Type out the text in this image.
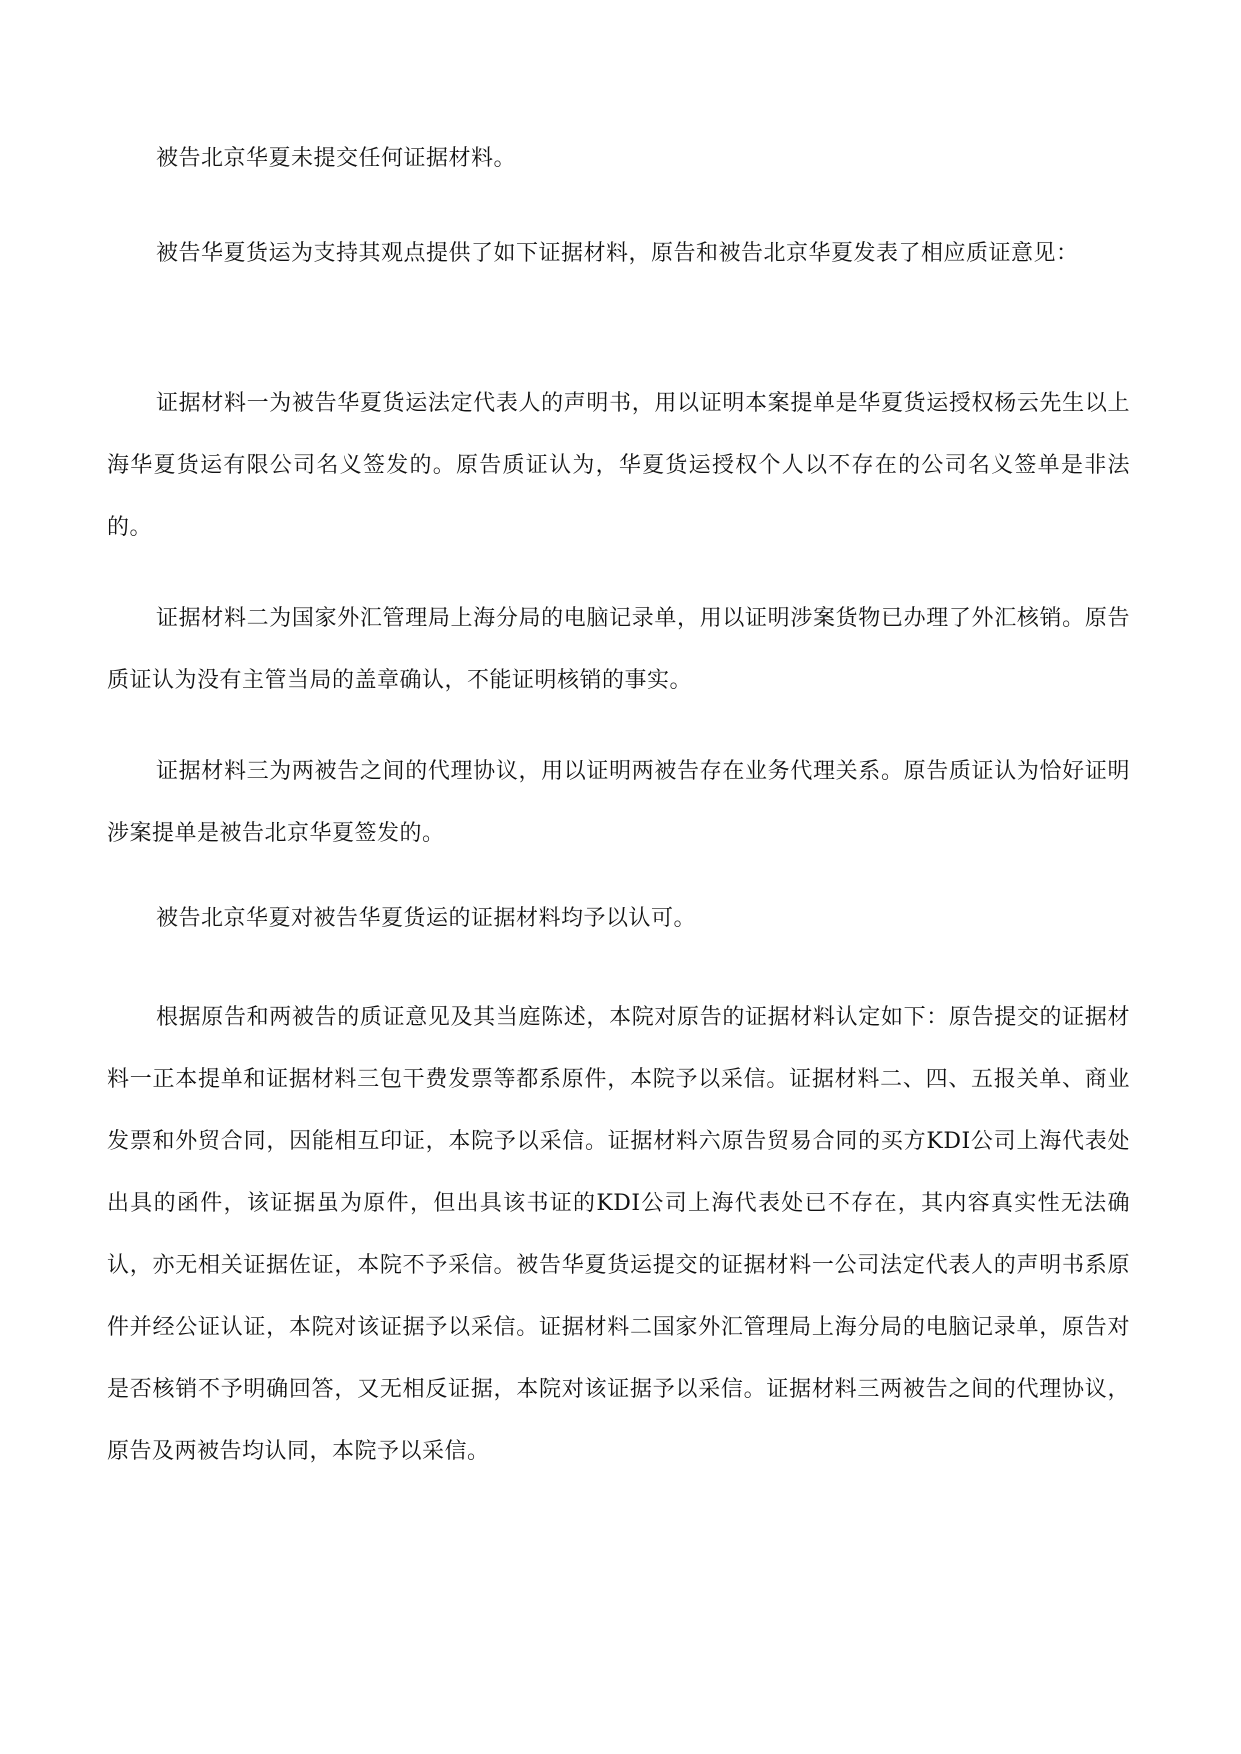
被告北京华夏未提交任何证据材料。

被告华夏货运为支持其观点提供了如下证据材料，原告和被告北京华夏发表了相应质证意见：

证据材料一为被告华夏货运法定代表人的声明书，用以证明本案提单是华夏货运授权杨云先生以上海华夏货运有限公司名义签发的。原告质证认为，华夏货运授权个人以不存在的公司名义签单是非法的。

证据材料二为国家外汇管理局上海分局的电脑记录单，用以证明涉案货物已办理了外汇核销。原告质证认为没有主管当局的盖章确认，不能证明核销的事实。

证据材料三为两被告之间的代理协议，用以证明两被告存在业务代理关系。原告质证认为恰好证明涉案提单是被告北京华夏签发的。

被告北京华夏对被告华夏货运的证据材料均予以认可。

根据原告和两被告的质证意见及其当庭陈述，本院对原告的证据材料认定如下：原告提交的证据材料一正本提单和证据材料三包干费发票等都系原件，本院予以采信。证据材料二、四、五报关单、商业发票和外贸合同，因能相互印证，本院予以采信。证据材料六原告贸易合同的买方KDI公司上海代表处出具的函件，该证据虽为原件，但出具该书证的KDI公司上海代表处已不存在，其内容真实性无法确认，亦无相关证据佐证，本院不予采信。被告华夏货运提交的证据材料一公司法定代表人的声明书系原件并经公证认证，本院对该证据予以采信。证据材料二国家外汇管理局上海分局的电脑记录单，原告对是否核销不予明确回答，又无相反证据，本院对该证据予以采信。证据材料三两被告之间的代理协议，原告及两被告均认同，本院予以采信。
